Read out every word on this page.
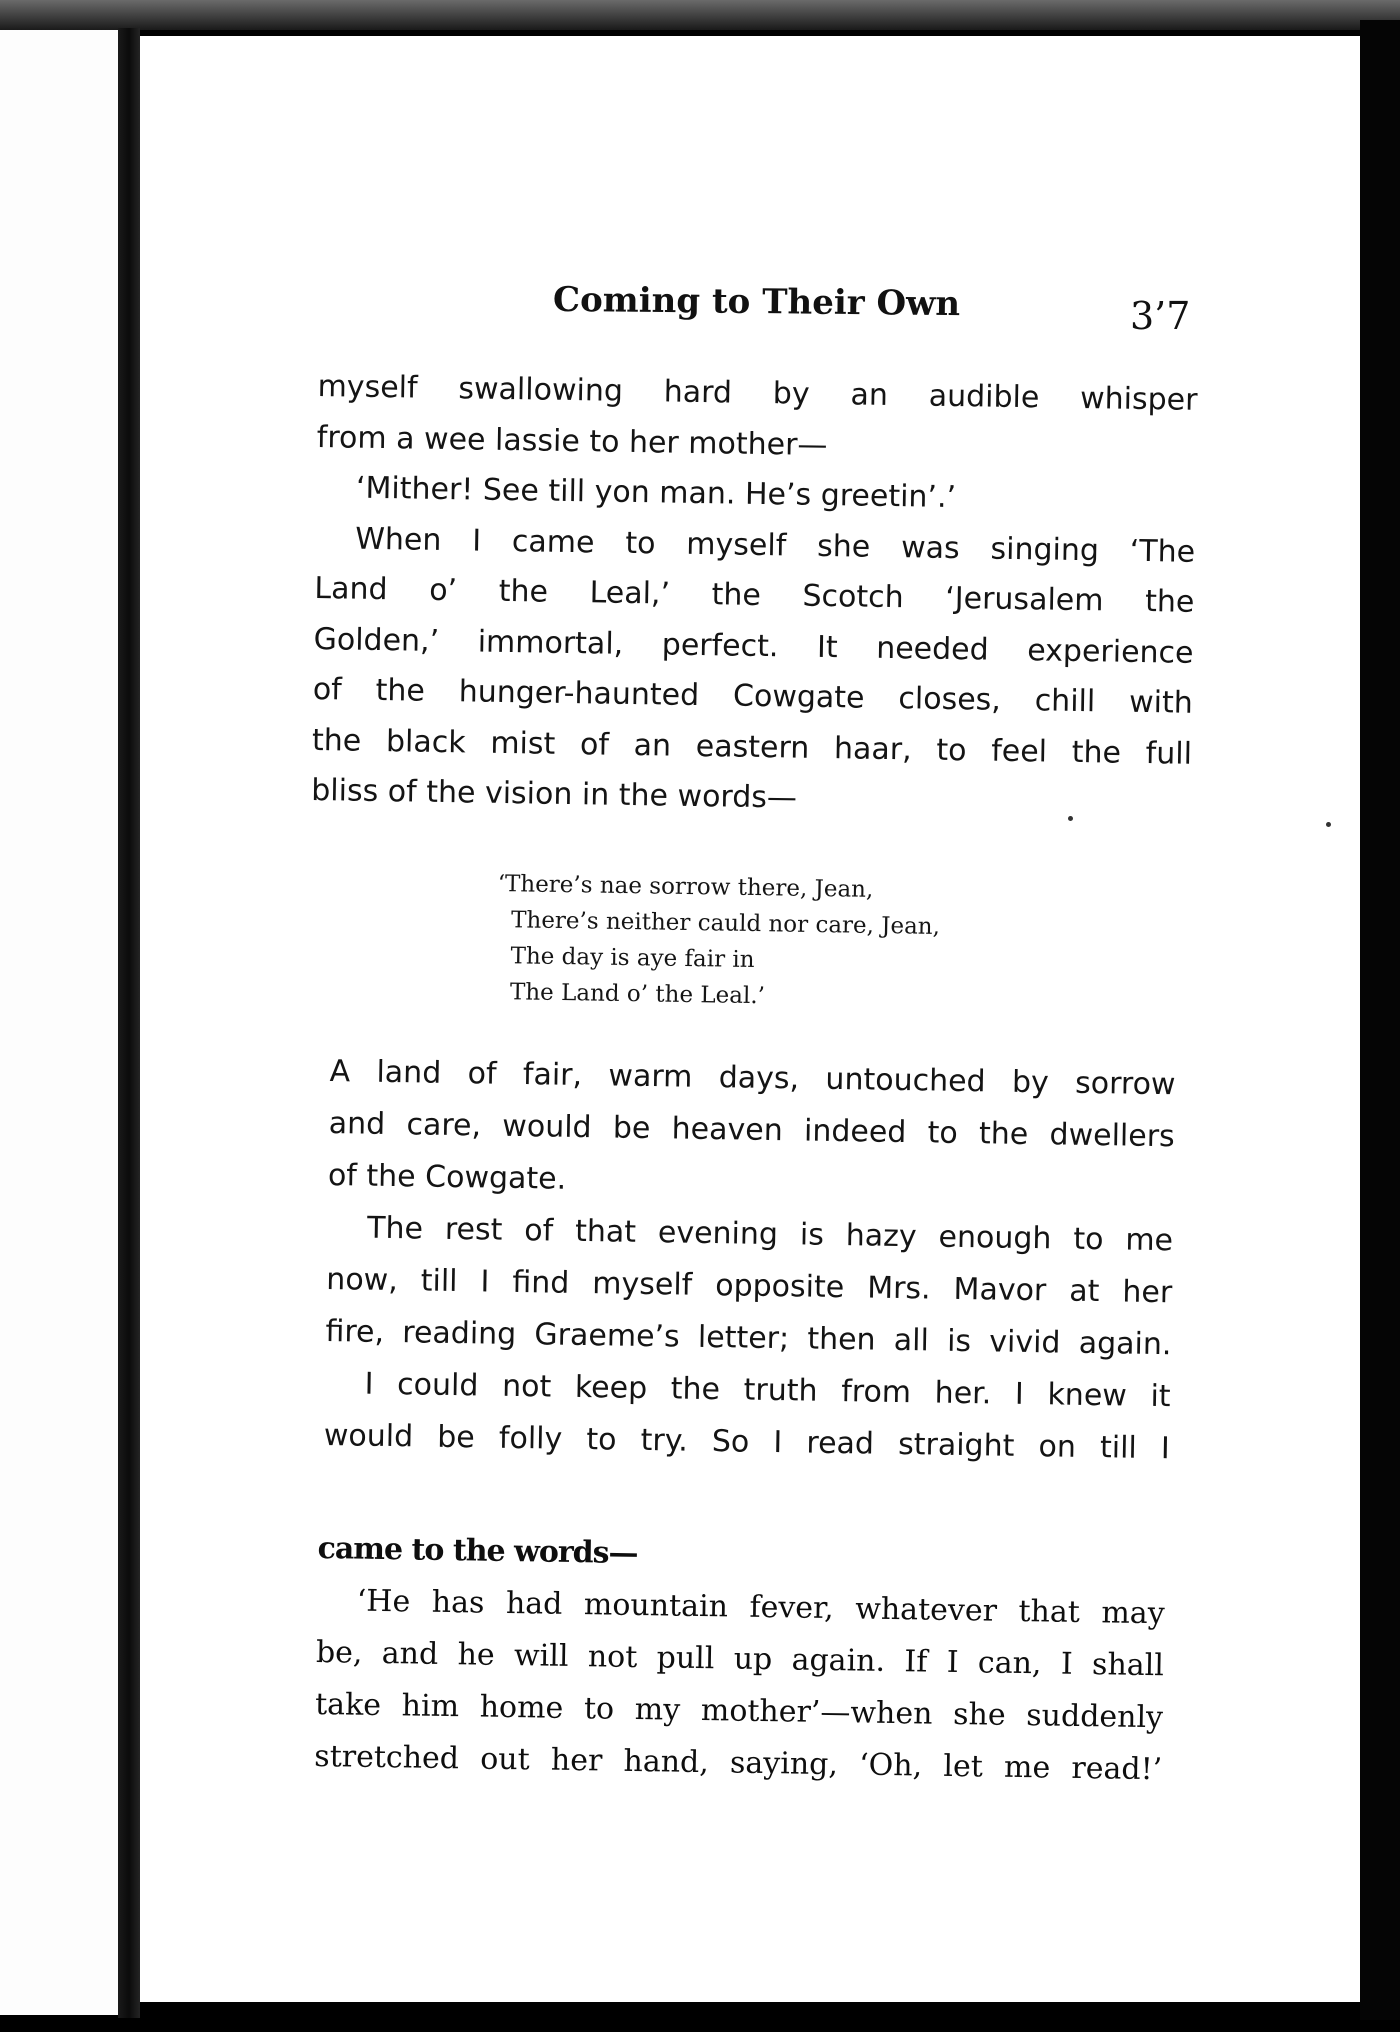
Coming to Their Own	3’7
myself swallowing hard by an audible whisper
from a wee lassie to her mother—
‘Mither! See till yon man. He’s greetin’.’
When I came to myself she was singing ‘The
Land o’ the Leal,’ the Scotch ‘Jerusalem the
Golden,’ immortal, perfect. It needed experience
of the hunger-haunted Cowgate closes, chill with
the black mist of an eastern haar, to feel the full
bliss of the vision in the words—
‘There’s nae sorrow there, Jean,
There’s neither cauld nor care, Jean,
The day is aye fair in
The Land o’ the Leal.’
A land of fair, warm days, untouched by sorrow
and care, would be heaven indeed to the dwellers
of the Cowgate.
The rest of that evening is hazy enough to me
now, till I find myself opposite Mrs. Mavor at her
fire, reading Graeme’s letter; then all is vivid again.
I could not keep the truth from her. I knew it
would be folly to try. So I read straight on till I
came to the words—
‘He has had mountain fever, whatever that may
be, and he will not pull up again. If I can, I shall
take him home to my mother’—when she suddenly
stretched out her hand, saying, ‘Oh, let me read!’
